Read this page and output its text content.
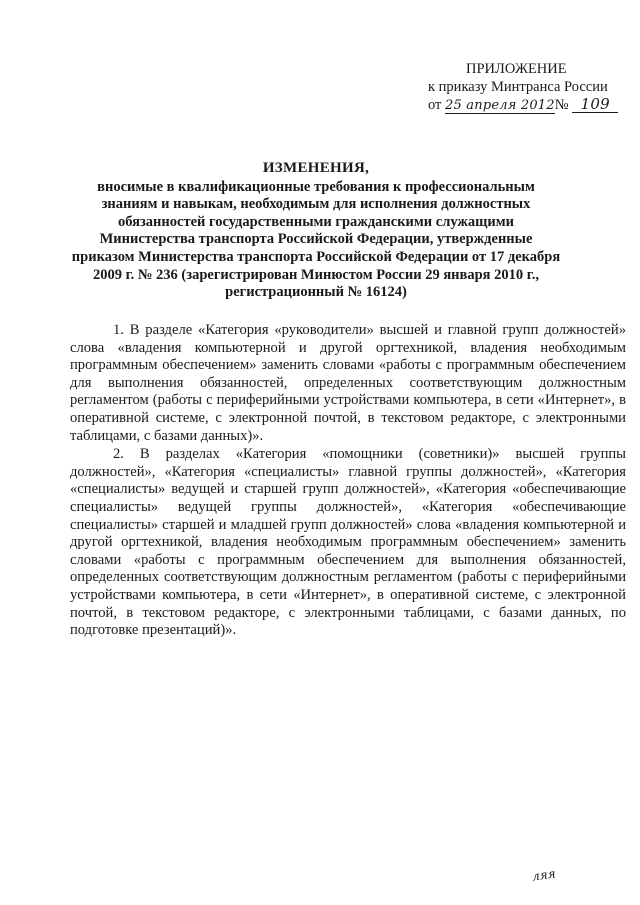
ПРИЛОЖЕНИЕ
к приказу Минтранса России
от 25 апреля 2012№ 109
ИЗМЕНЕНИЯ,
вносимые в квалификационные требования к профессиональным знаниям и навыкам, необходимым для исполнения должностных обязанностей государственными гражданскими служащими Министерства транспорта Российской Федерации, утвержденные приказом Министерства транспорта Российской Федерации от 17 декабря 2009 г. № 236 (зарегистрирован Минюстом России 29 января 2010 г., регистрационный № 16124)

1. В разделе «Категория «руководители» высшей и главной групп должностей» слова «владения компьютерной и другой оргтехникой, владения необходимым программным обеспечением» заменить словами «работы с программным обеспечением для выполнения обязанностей, определенных соответствующим должностным регламентом (работы с периферийными устройствами компьютера, в сети «Интернет», в оперативной системе, с электронной почтой, в текстовом редакторе, с электронными таблицами, с базами данных)».

2. В разделах «Категория «помощники (советники)» высшей группы должностей», «Категория «специалисты» главной группы должностей», «Категория «специалисты» ведущей и старшей групп должностей», «Категория «обеспечивающие специалисты» ведущей группы должностей», «Категория «обеспечивающие специалисты» старшей и младшей групп должностей» слова «владения компьютерной и другой оргтехникой, владения необходимым программным обеспечением» заменить словами «работы с программным обеспечением для выполнения обязанностей, определенных соответствующим должностным регламентом (работы с периферийными устройствами компьютера, в сети «Интернет», в оперативной системе, с электронной почтой, в текстовом редакторе, с электронными таблицами, с базами данных, по подготовке презентаций)».

ляя
